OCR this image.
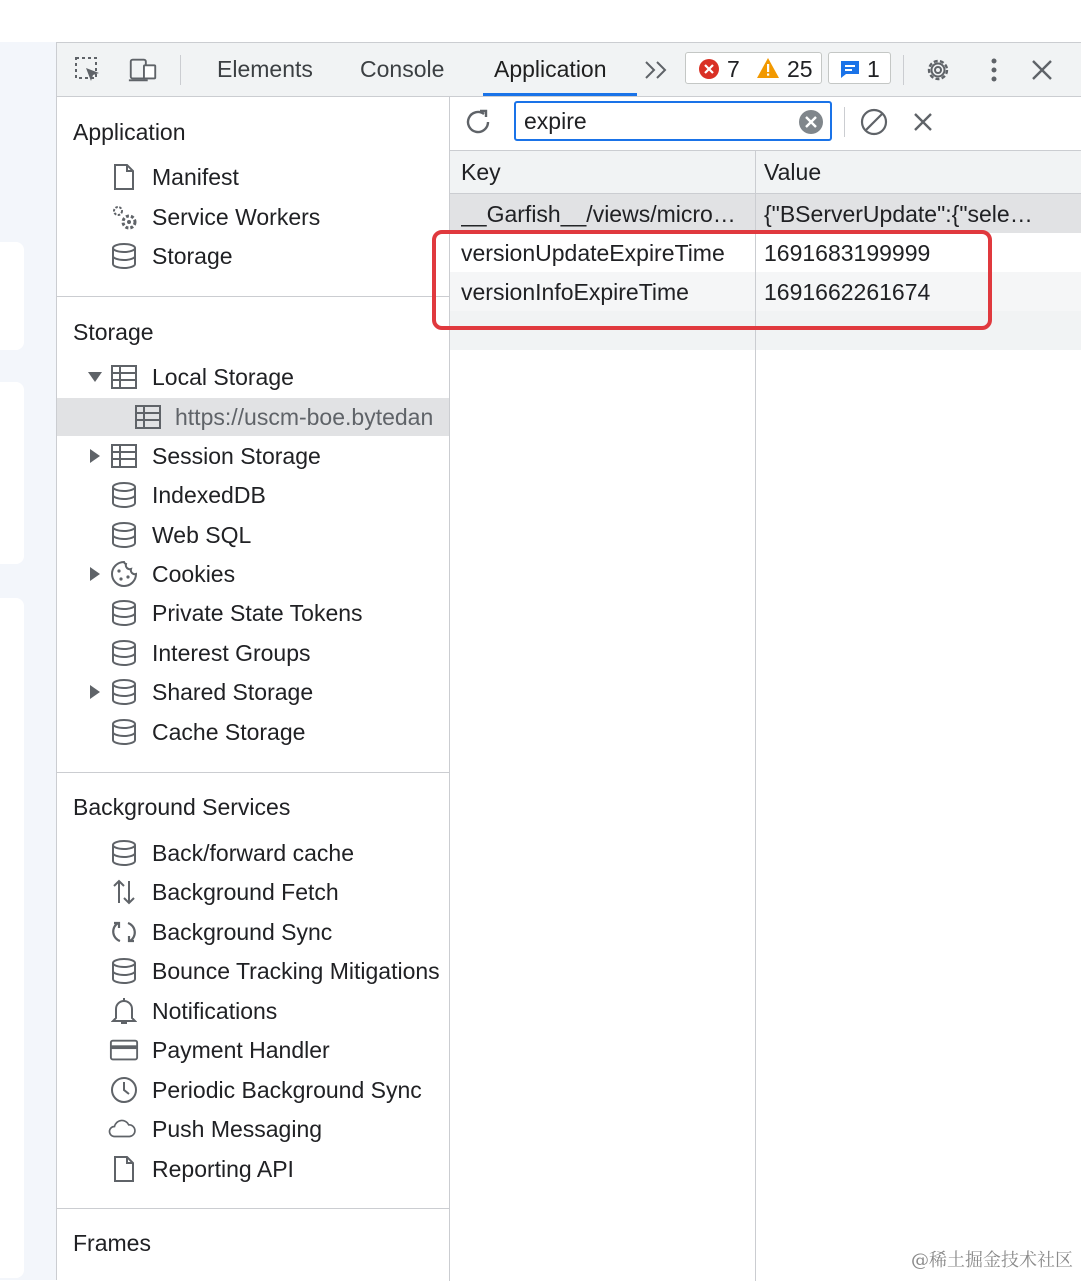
Elements Console Application	7 25 1
Application
Manifest
Service Workers
Storage
Storage
Local Storage
https://uscm-boe.bytedan
Session Storage
IndexedDB
Web SQL
Cookies
Private State Tokens
Interest Groups
Shared Storage
Cache Storage
Background Services
Back/forward cache
Background Fetch
Background Sync
Bounce Tracking Mitigations
Notifications
Payment Handler
Periodic Background Sync
Push Messaging
Reporting API
Frames
expire
Key	Value
__Garfish__/views/micro…	{"BServerUpdate":{"sele…
versionUpdateExpireTime	1691683199999
versionInfoExpireTime	1691662261674
@稀土掘金技术社区
